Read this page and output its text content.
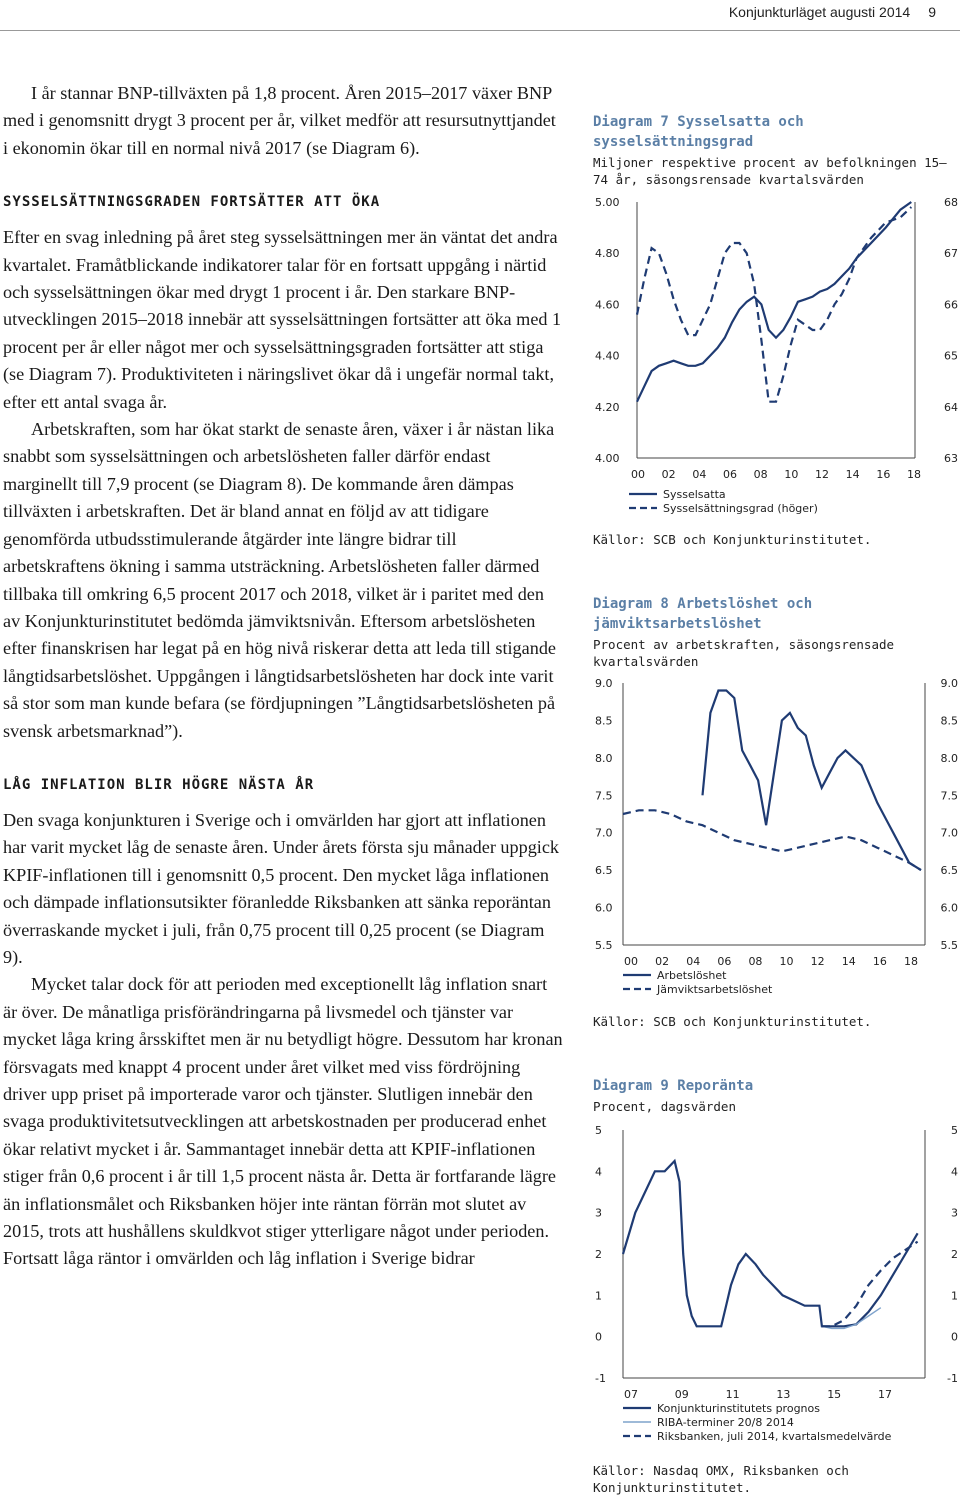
Konjunkturläget augusti 2014 9

I år stannar BNP-tillväxten på 1,8 procent. Åren 2015–2017 växer BNP med i genomsnitt drygt 3 procent per år, vilket medför att resursutnyttjandet i ekonomin ökar till en normal nivå 2017 (se Diagram 6).

SYSSELSÄTTNINGSGRADEN FORTSÄTTER ATT ÖKA

Efter en svag inledning på året steg sysselsättningen mer än väntat det andra kvartalet. Framåtblickande indikatorer talar för en fortsatt uppgång i närtid och sysselsättningen ökar med drygt 1 procent i år. Den starkare BNP-utvecklingen 2015–2018 innebär att sysselsättningen fortsätter att öka med 1 procent per år eller något mer och sysselsättningsgraden fortsätter att stiga (se Diagram 7). Produktiviteten i näringslivet ökar då i ungefär normal takt, efter ett antal svaga år.

Arbetskraften, som har ökat starkt de senaste åren, växer i år nästan lika snabbt som sysselsättningen och arbetslösheten faller därför endast marginellt till 7,9 procent (se Diagram 8). De kommande åren dämpas tillväxten i arbetskraften. Det är bland annat en följd av att tidigare genomförda utbudsstimulerande åtgärder inte längre bidrar till arbetskraftens ökning i samma utsträckning. Arbetslösheten faller därmed tillbaka till omkring 6,5 procent 2017 och 2018, vilket är i paritet med den av Konjunkturinstitutet bedömda jämviktsnivån. Eftersom arbetslösheten efter finanskrisen har legat på en hög nivå riskerar detta att leda till stigande långtidsarbetslöshet. Uppgången i långtidsarbetslösheten har dock inte varit så stor som man kunde befara (se fördjupningen ”Långtidsarbetslösheten på svensk arbetsmarknad”).

LÅG INFLATION BLIR HÖGRE NÄSTA ÅR

Den svaga konjunkturen i Sverige och i omvärlden har gjort att inflationen har varit mycket låg de senaste åren. Under årets första sju månader uppgick KPIF-inflationen till i genomsnitt 0,5 procent. Den mycket låga inflationen och dämpade inflationsutsikter föranledde Riksbanken att sänka reporäntan överraskande mycket i juli, från 0,75 procent till 0,25 procent (se Diagram 9).

Mycket talar dock för att perioden med exceptionellt låg inflation snart är över. De månatliga prisförändringarna på livsmedel och tjänster var mycket låga kring årsskiftet men är nu betydligt högre. Dessutom har kronan försvagats med knappt 4 procent under året vilket med viss fördröjning driver upp priset på importerade varor och tjänster. Slutligen innebär den svaga produktivitetsutvecklingen att arbetskostnaden per producerad enhet ökar relativt mycket i år. Sammantaget innebär detta att KPIF-inflationen stiger från 0,6 procent i år till 1,5 procent nästa år. Detta är fortfarande lägre än inflationsmålet och Riksbanken höjer inte räntan förrän mot slutet av 2015, trots att hushållens skuldkvot stiger ytterligare något under perioden. Fortsatt låga räntor i omvärlden och låg inflation i Sverige bidrar

Diagram 7 Sysselsatta och sysselsättningsgrad

Miljoner respektive procent av befolkningen 15–74 år, säsongsrensade kvartalsvärden

5.00
4.80
4.60
4.40
4.20
4.00
68
67
66
65
64
63
00 02 04 06 08 10 12 14 16 18
Sysselsatta
Sysselsättningsgrad (höger)

Källor: SCB och Konjunkturinstitutet.

Diagram 8 Arbetslöshet och jämviktsarbetslöshet

Procent av arbetskraften, säsongsrensade kvartalsvärden

9.0
8.5
8.0
7.5
7.0
6.5
6.0
5.5
9.0
8.5
8.0
7.5
7.0
6.5
6.0
5.5
00 02 04 06 08 10 12 14 16 18
Arbetslöshet
Jämviktsarbetslöshet

Källor: SCB och Konjunkturinstitutet.

Diagram 9 Reporänta

Procent, dagsvärden

5
4
3
2
1
0
-1
5
4
3
2
1
0
-1
07	09	11	13	15	17
Konjunkturinstitutets prognos
RIBA-terminer 20/8 2014
Riksbanken, juli 2014, kvartalsmedelvärde

Källor: Nasdaq OMX, Riksbanken och Konjunkturinstitutet.
